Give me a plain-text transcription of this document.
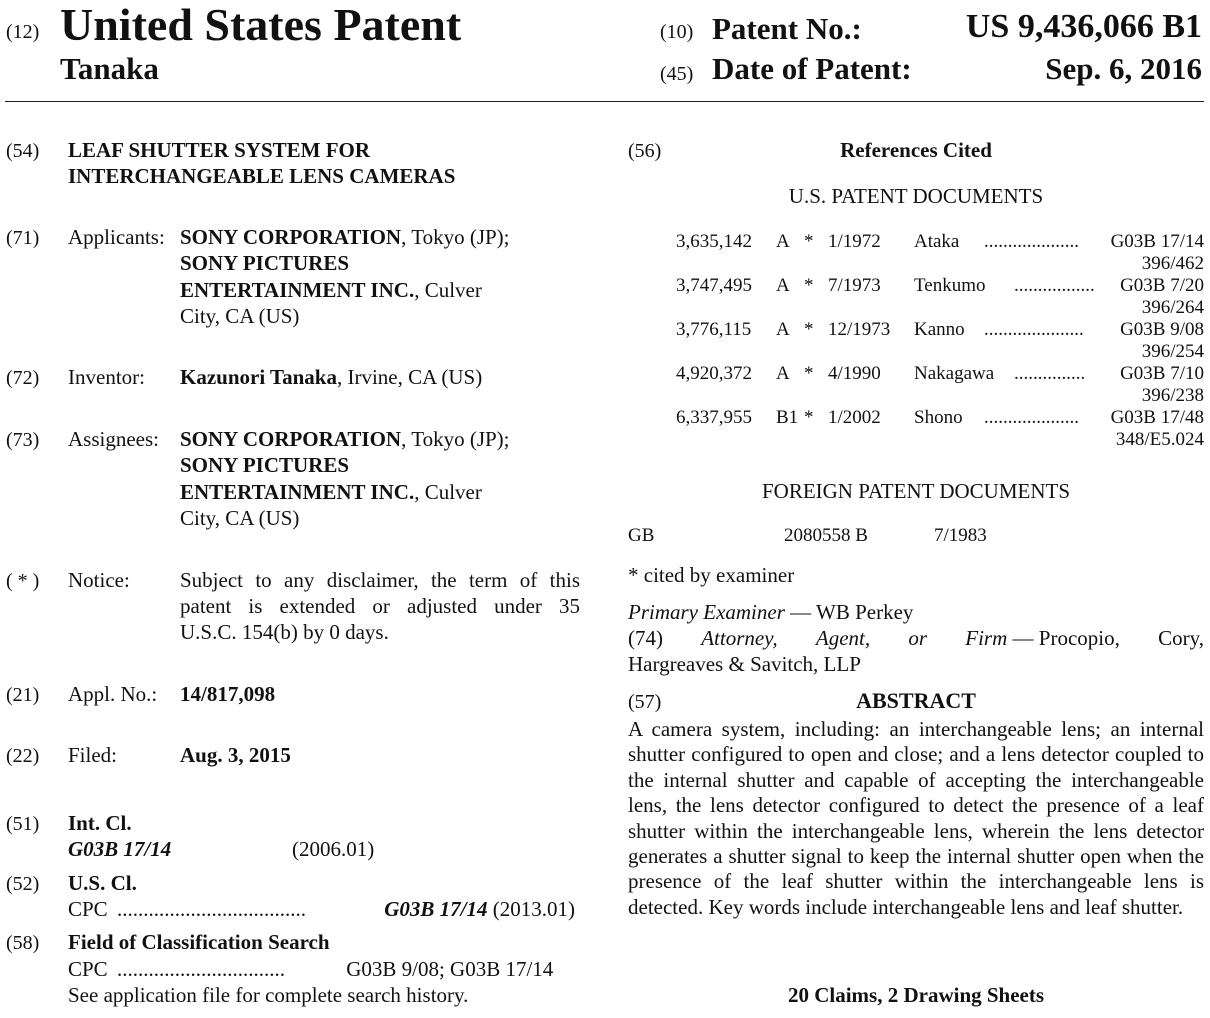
(12) United States Patent
Tanaka
(10) Patent No.:	US 9,436,066 B1
(45) Date of Patent:	Sep. 6, 2016
(54) LEAF SHUTTER SYSTEM FOR
INTERCHANGEABLE LENS CAMERAS
(71) Applicants: SONY CORPORATION, Tokyo (JP);
SONY PICTURES
ENTERTAINMENT INC., Culver
City, CA (US)
(72) Inventor: Kazunori Tanaka, Irvine, CA (US)
(73) Assignees: SONY CORPORATION, Tokyo (JP);
SONY PICTURES
ENTERTAINMENT INC., Culver
City, CA (US)
( * ) Notice: Subject to any disclaimer, the term of this
patent is extended or adjusted under 35
U.S.C. 154(b) by 0 days.
(21) Appl. No.: 14/817,098
(22) Filed:	Aug. 3, 2015
(51) Int. Cl.
G03B 17/14	(2006.01)
(52) U.S. Cl.
CPC ....................................	G03B 17/14 (2013.01)
(58) Field of Classification Search
CPC ................................	G03B 9/08; G03B 17/14
See application file for complete search history.
(56)	References Cited
U.S. PATENT DOCUMENTS
3,635,142 A * 1/1972 Ataka ....................	G03B 17/14
396/462
3,747,495 A * 7/1973 Tenkumo .................	G03B 7/20
396/264
3,776,115 A * 12/1973 Kanno .....................	G03B 9/08
396/254
4,920,372 A * 4/1990 Nakagawa ...............	G03B 7/10
396/238
6,337,955 B1 * 1/2002 Shono ....................	G03B 17/48
348/E5.024
FOREIGN PATENT DOCUMENTS
GB	2080558 B	7/1983
* cited by examiner
Primary Examiner — WB Perkey
(74) Attorney, Agent, or Firm — Procopio, Cory,
Hargreaves & Savitch, LLP
(57)	ABSTRACT
A camera system, including: an interchangeable lens; an internal shutter configured to open and close; and a lens detector coupled to the internal shutter and capable of accepting the interchangeable lens, the lens detector configured to detect the presence of a leaf shutter within the interchangeable lens, wherein the lens detector generates a shutter signal to keep the internal shutter open when the presence of the leaf shutter within the interchangeable lens is detected. Key words include interchangeable lens and leaf shutter.
20 Claims, 2 Drawing Sheets
